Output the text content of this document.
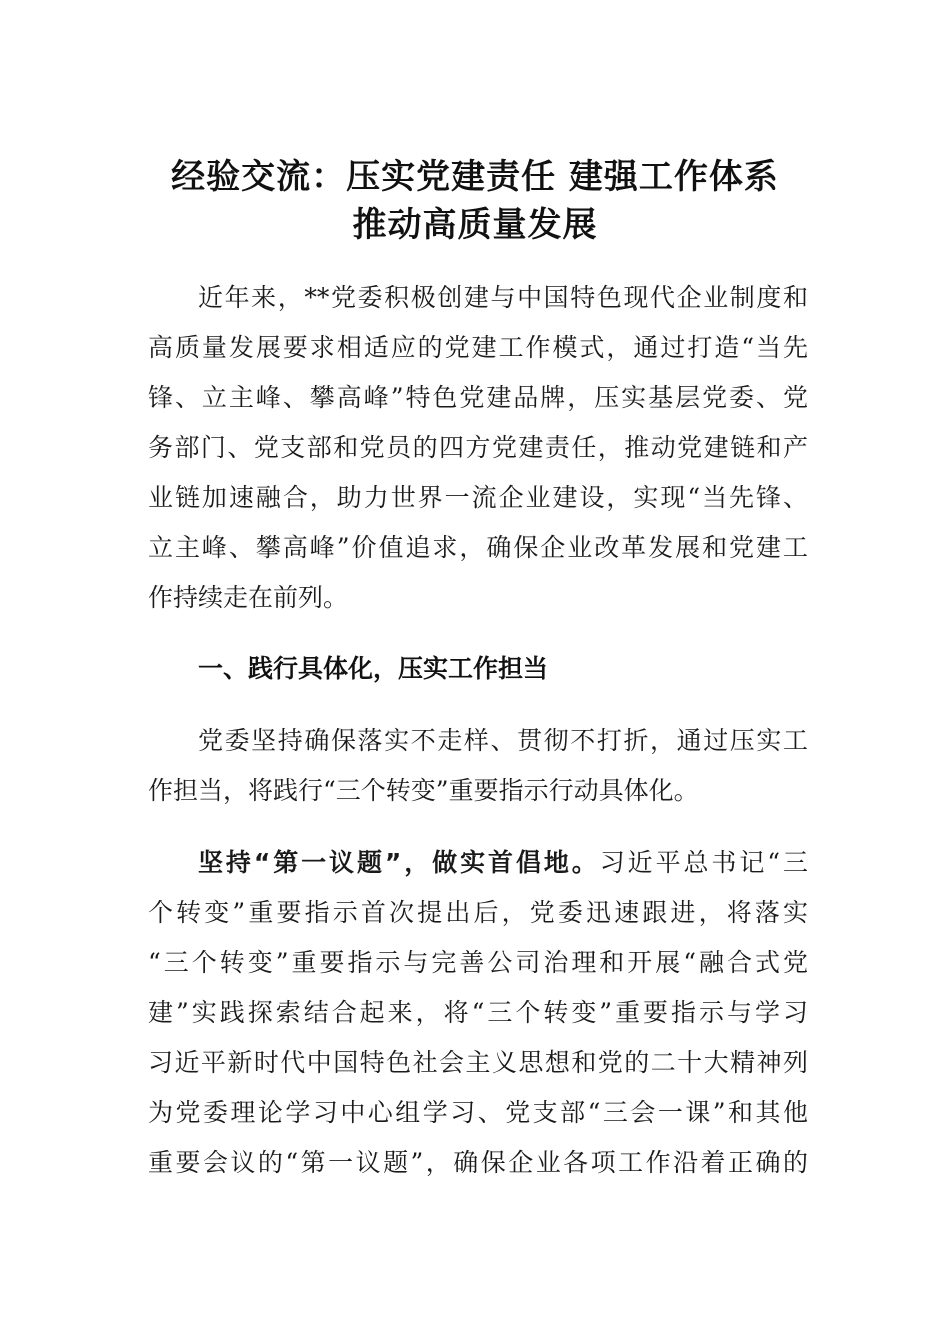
经验交流：压实党建责任 建强工作体系
推动高质量发展
近年来，**党委积极创建与中国特色现代企业制度和
高质量发展要求相适应的党建工作模式，通过打造“当先
锋、立主峰、攀高峰”特色党建品牌，压实基层党委、党
务部门、党支部和党员的四方党建责任，推动党建链和产
业链加速融合，助力世界一流企业建设，实现“当先锋、
立主峰、攀高峰”价值追求，确保企业改革发展和党建工
作持续走在前列。
一、践行具体化，压实工作担当
党委坚持确保落实不走样、贯彻不打折，通过压实工
作担当，将践行“三个转变”重要指示行动具体化。
坚持“第一议题”，做实首倡地。习近平总书记“三
个转变”重要指示首次提出后，党委迅速跟进，将落实
“三个转变”重要指示与完善公司治理和开展“融合式党
建”实践探索结合起来，将“三个转变”重要指示与学习
习近平新时代中国特色社会主义思想和党的二十大精神列
为党委理论学习中心组学习、党支部“三会一课”和其他
重要会议的“第一议题”，确保企业各项工作沿着正确的
